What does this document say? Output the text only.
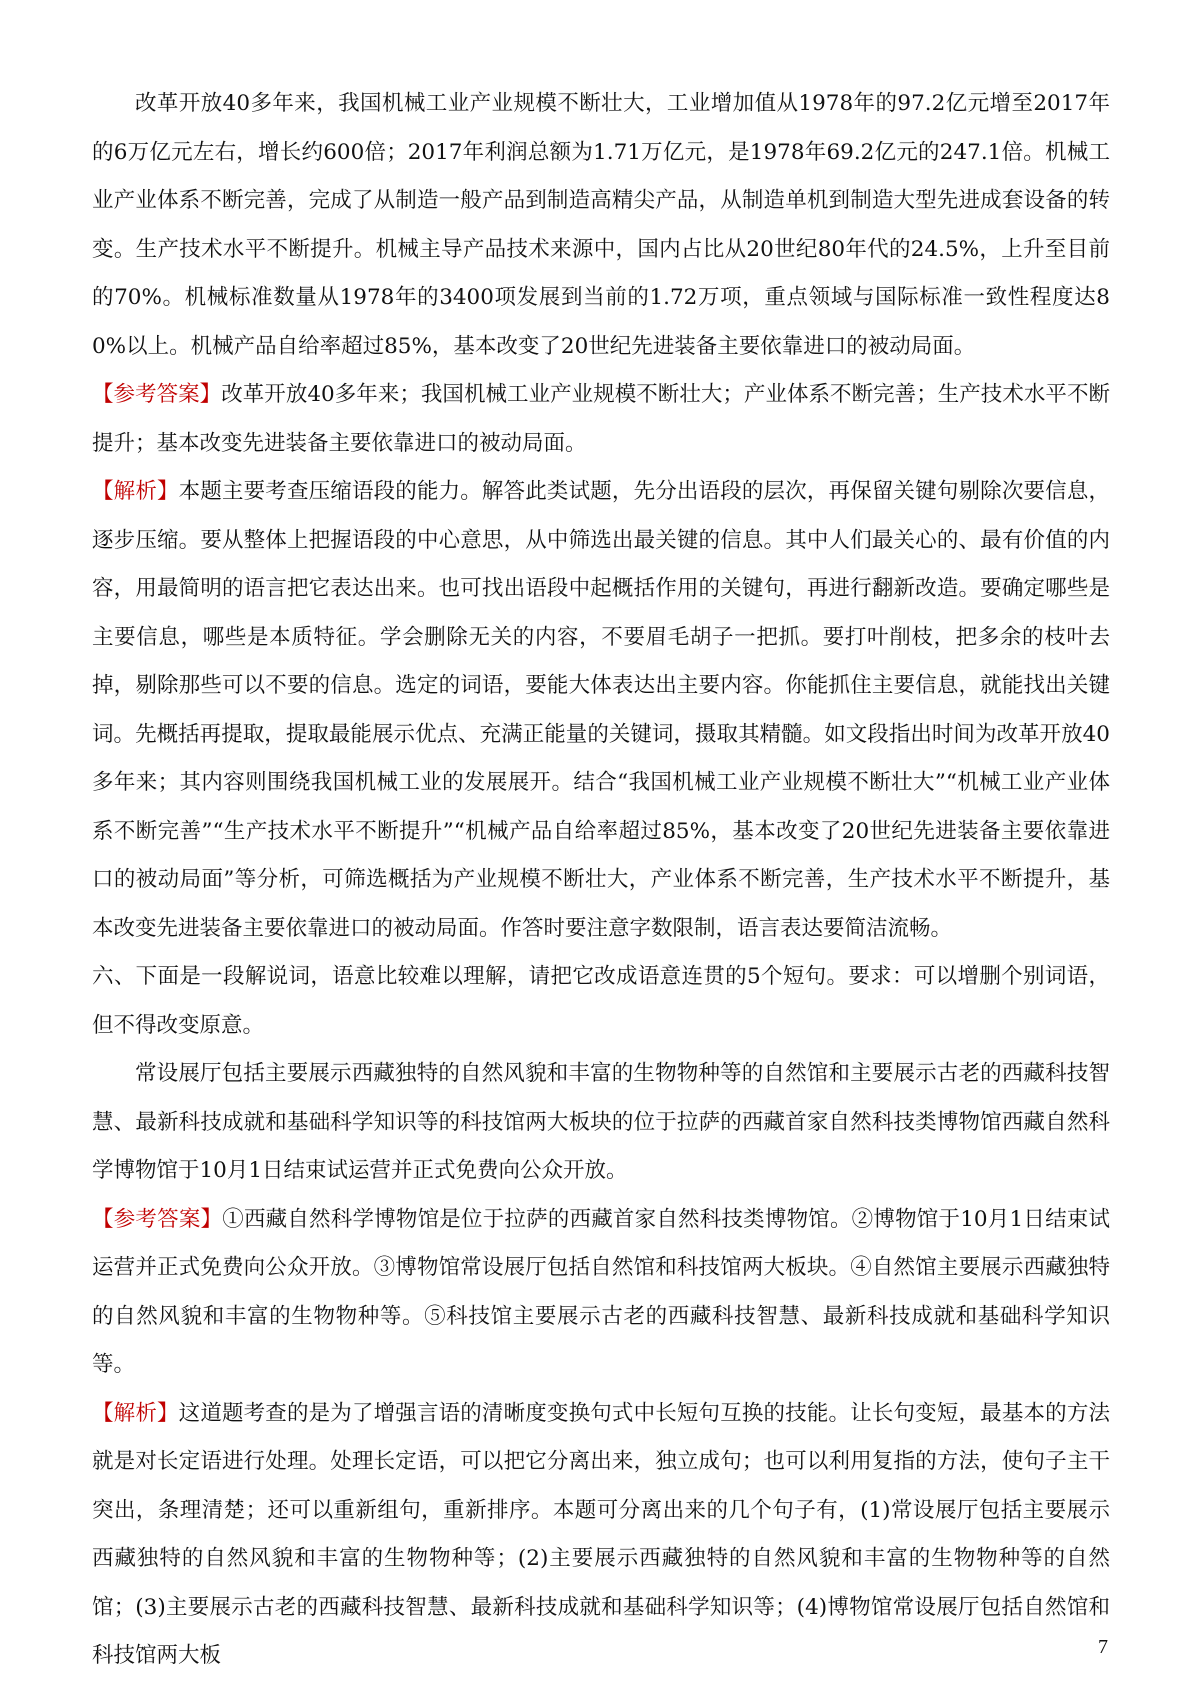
改革开放40多年来，我国机械工业产业规模不断壮大，工业增加值从1978年的97.2亿元增至2017年的6万亿元左右，增长约600倍；2017年利润总额为1.71万亿元，是1978年69.2亿元的247.1倍。机械工业产业体系不断完善，完成了从制造一般产品到制造高精尖产品，从制造单机到制造大型先进成套设备的转变。生产技术水平不断提升。机械主导产品技术来源中，国内占比从20世纪80年代的24.5%，上升至目前的70%。机械标准数量从1978年的3400项发展到当前的1.72万项，重点领域与国际标准一致性程度达80%以上。机械产品自给率超过85%，基本改变了20世纪先进装备主要依靠进口的被动局面。

【参考答案】改革开放40多年来；我国机械工业产业规模不断壮大；产业体系不断完善；生产技术水平不断提升；基本改变先进装备主要依靠进口的被动局面。

【解析】本题主要考查压缩语段的能力。解答此类试题，先分出语段的层次，再保留关键句剔除次要信息，逐步压缩。要从整体上把握语段的中心意思，从中筛选出最关键的信息。其中人们最关心的、最有价值的内容，用最简明的语言把它表达出来。也可找出语段中起概括作用的关键句，再进行翻新改造。要确定哪些是主要信息，哪些是本质特征。学会删除无关的内容，不要眉毛胡子一把抓。要打叶削枝，把多余的枝叶去掉，剔除那些可以不要的信息。选定的词语，要能大体表达出主要内容。你能抓住主要信息，就能找出关键词。先概括再提取，提取最能展示优点、充满正能量的关键词，摄取其精髓。如文段指出时间为改革开放40多年来；其内容则围绕我国机械工业的发展展开。结合“我国机械工业产业规模不断壮大”“机械工业产业体系不断完善”“生产技术水平不断提升”“机械产品自给率超过85%，基本改变了20世纪先进装备主要依靠进口的被动局面”等分析，可筛选概括为产业规模不断壮大，产业体系不断完善，生产技术水平不断提升，基本改变先进装备主要依靠进口的被动局面。作答时要注意字数限制，语言表达要简洁流畅。

六、下面是一段解说词，语意比较难以理解，请把它改成语意连贯的5个短句。要求：可以增删个别词语，但不得改变原意。

常设展厅包括主要展示西藏独特的自然风貌和丰富的生物物种等的自然馆和主要展示古老的西藏科技智慧、最新科技成就和基础科学知识等的科技馆两大板块的位于拉萨的西藏首家自然科技类博物馆西藏自然科学博物馆于10月1日结束试运营并正式免费向公众开放。

【参考答案】①西藏自然科学博物馆是位于拉萨的西藏首家自然科技类博物馆。②博物馆于10月1日结束试运营并正式免费向公众开放。③博物馆常设展厅包括自然馆和科技馆两大板块。④自然馆主要展示西藏独特的自然风貌和丰富的生物物种等。⑤科技馆主要展示古老的西藏科技智慧、最新科技成就和基础科学知识等。

【解析】这道题考查的是为了增强言语的清晰度变换句式中长短句互换的技能。让长句变短，最基本的方法就是对长定语进行处理。处理长定语，可以把它分离出来，独立成句；也可以利用复指的方法，使句子主干突出，条理清楚；还可以重新组句，重新排序。本题可分离出来的几个句子有，(1)常设展厅包括主要展示西藏独特的自然风貌和丰富的生物物种等；(2)主要展示西藏独特的自然风貌和丰富的生物物种等的自然馆；(3)主要展示古老的西藏科技智慧、最新科技成就和基础科学知识等；(4)博物馆常设展厅包括自然馆和科技馆两大板	7
